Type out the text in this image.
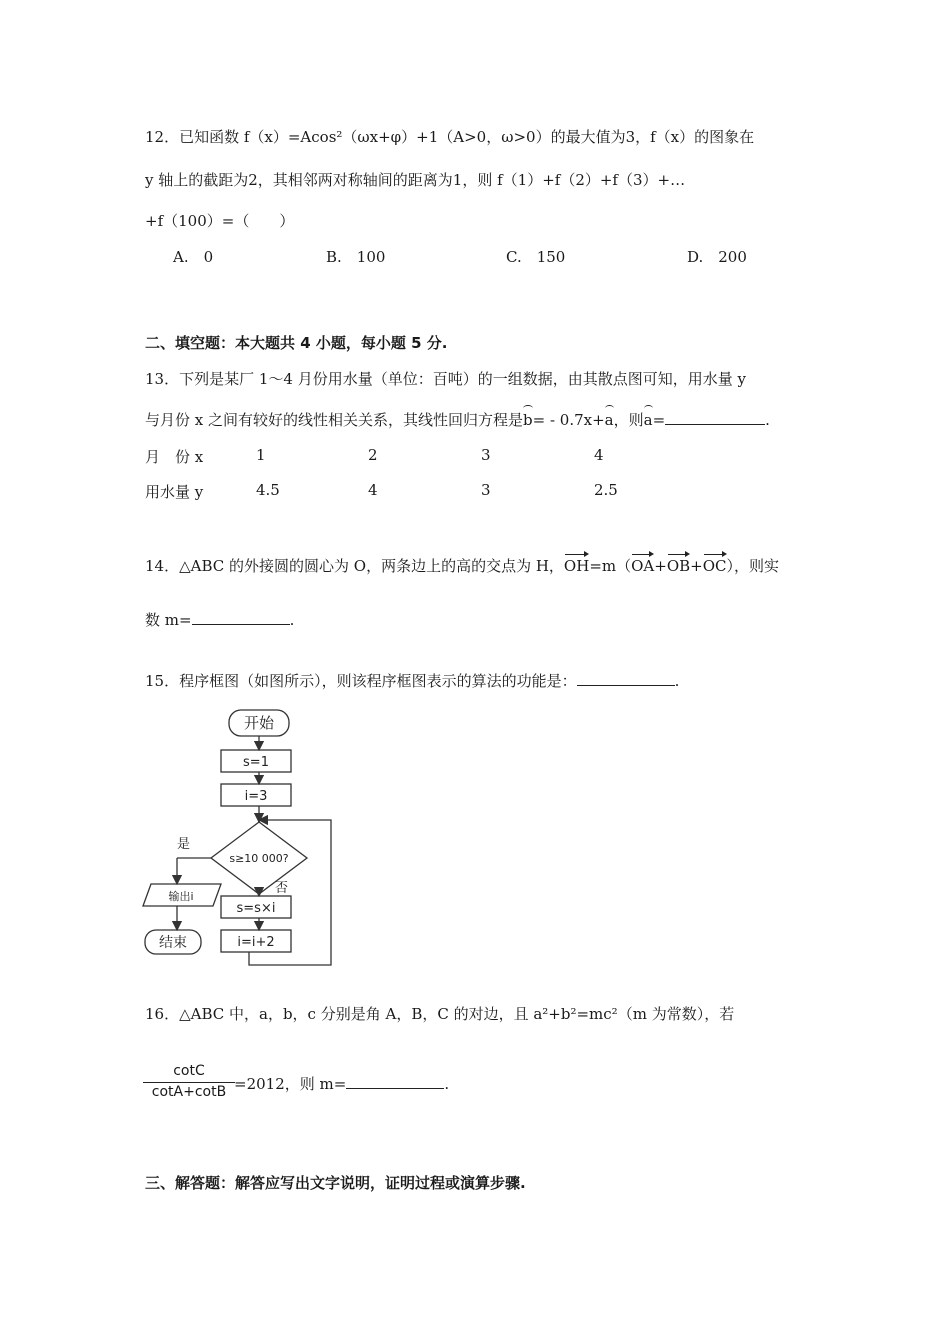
12．已知函数 f（x）=Acos²（ωx+φ）+1（A>0，ω>0）的最大值为3，f（x）的图象在
y 轴上的截距为2，其相邻两对称轴间的距离为1，则 f（1）+f（2）+f（3）+…
+f（100）=（　　）
A.　0	B.　100	C.　150	D.　200
二、填空题：本大题共 4 小题，每小题 5 分.
13．下列是某厂 1～4 月份用水量（单位：百吨）的一组数据，由其散点图可知，用水量 y
与月份 x 之间有较好的线性相关关系，其线性回归方程是b= - 0.7x+a，则a=	.
月　份 x	1	2	3	4
用水量 y	4.5	4	3	2.5
14．△ABC 的外接圆的圆心为 O，两条边上的高的交点为 H，OH=m（OA+OB+OC），则实
数 m=	.
15．程序框图（如图所示），则该程序框图表示的算法的功能是：	.
开始
s=1
i=3
s≥10 000?
是
否
输出i
s=s×i
i=i+2
结束
16．△ABC 中，a，b，c 分别是角 A，B，C 的对边，且 a²+b²=mc²（m 为常数），若
cotC
cotA+cotB =2012，则 m=	.
三、解答题：解答应写出文字说明，证明过程或演算步骤.
